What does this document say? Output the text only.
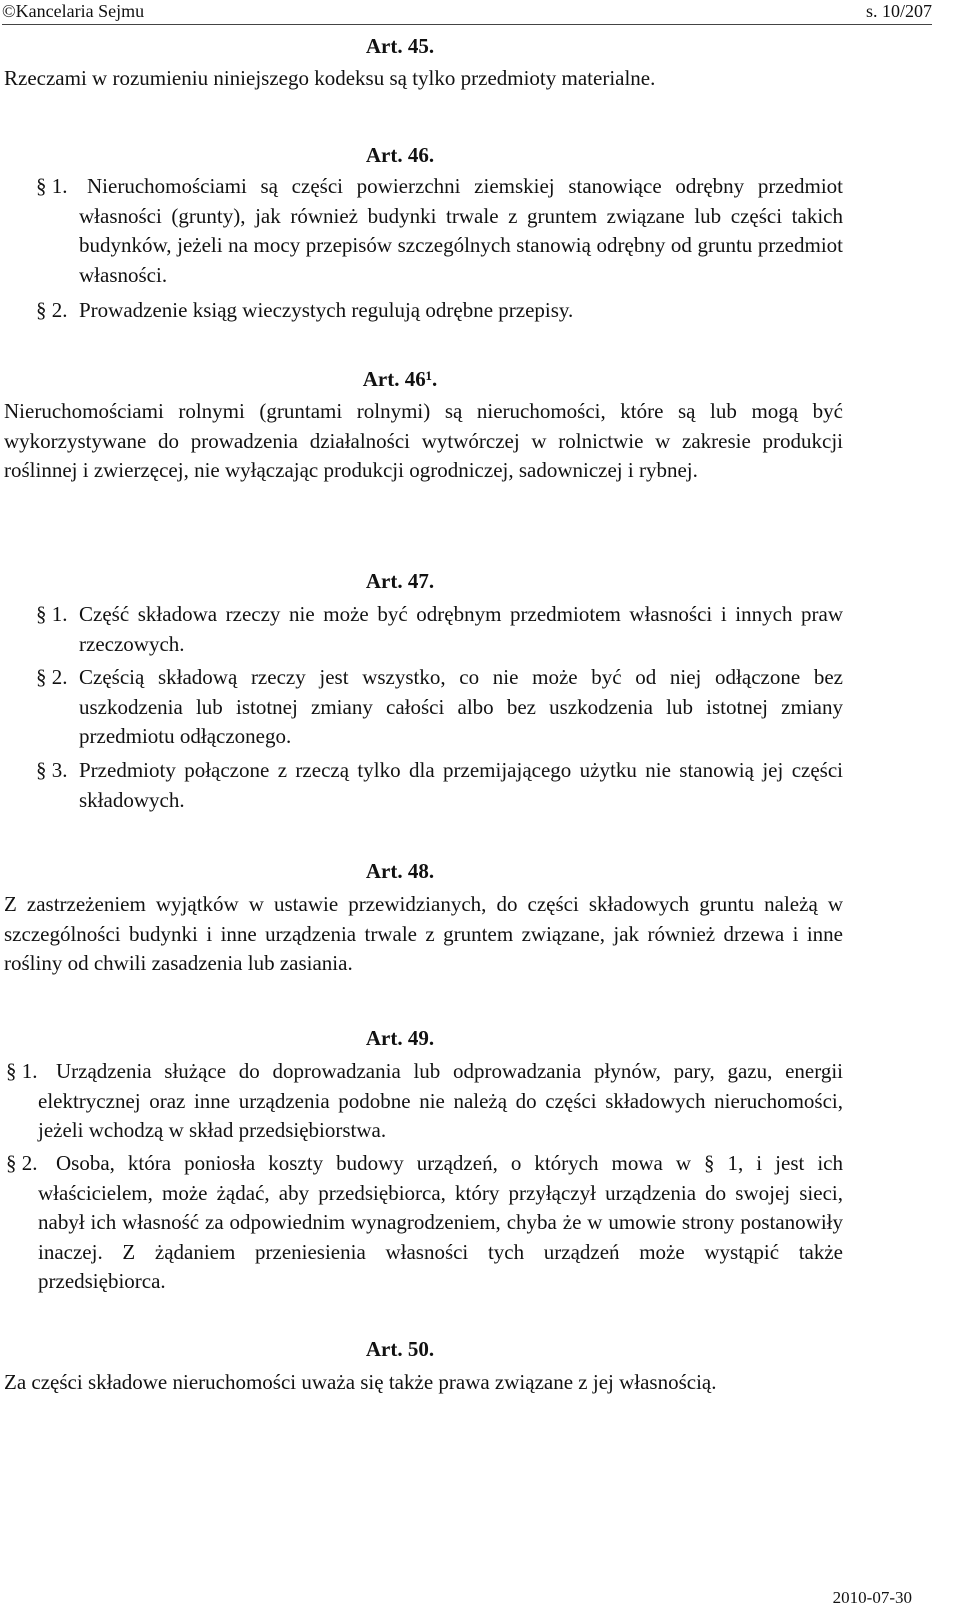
©Kancelaria Sejmu	s. 10/207
Art. 45.

Rzeczami w rozumieniu niniejszego kodeksu są tylko przedmioty materialne.

Art. 46.
§ 1. Nieruchomościami są części powierzchni ziemskiej stanowiące odrębny przedmiot własności (grunty), jak również budynki trwale z gruntem związane lub części takich budynków, jeżeli na mocy przepisów szczególnych stanowią odrębny od gruntu przedmiot własności.

§ 2. Prowadzenie ksiąg wieczystych regulują odrębne przepisy.

Art. 46¹.

Nieruchomościami rolnymi (gruntami rolnymi) są nieruchomości, które są lub mogą być wykorzystywane do prowadzenia działalności wytwórczej w rolnictwie w zakresie produkcji roślinnej i zwierzęcej, nie wyłączając produkcji ogrodniczej, sadowniczej i rybnej.

Art. 47.
§ 1. Część składowa rzeczy nie może być odrębnym przedmiotem własności i innych praw rzeczowych.

§ 2. Częścią składową rzeczy jest wszystko, co nie może być od niej odłączone bez uszkodzenia lub istotnej zmiany całości albo bez uszkodzenia lub istotnej zmiany przedmiotu odłączonego.

§ 3. Przedmioty połączone z rzeczą tylko dla przemijającego użytku nie stanowią jej części składowych.

Art. 48.

Z zastrzeżeniem wyjątków w ustawie przewidzianych, do części składowych gruntu należą w szczególności budynki i inne urządzenia trwale z gruntem związane, jak również drzewa i inne rośliny od chwili zasadzenia lub zasiania.

Art. 49.
§ 1. Urządzenia służące do doprowadzania lub odprowadzania płynów, pary, gazu, energii elektrycznej oraz inne urządzenia podobne nie należą do części składowych nieruchomości, jeżeli wchodzą w skład przedsiębiorstwa.

§ 2. Osoba, która poniosła koszty budowy urządzeń, o których mowa w § 1, i jest ich właścicielem, może żądać, aby przedsiębiorca, który przyłączył urządzenia do swojej sieci, nabył ich własność za odpowiednim wynagrodzeniem, chyba że w umowie strony postanowiły inaczej. Z żądaniem przeniesienia własności tych urządzeń może wystąpić także przedsiębiorca.

Art. 50.

Za części składowe nieruchomości uważa się także prawa związane z jej własnością.

2010-07-30
